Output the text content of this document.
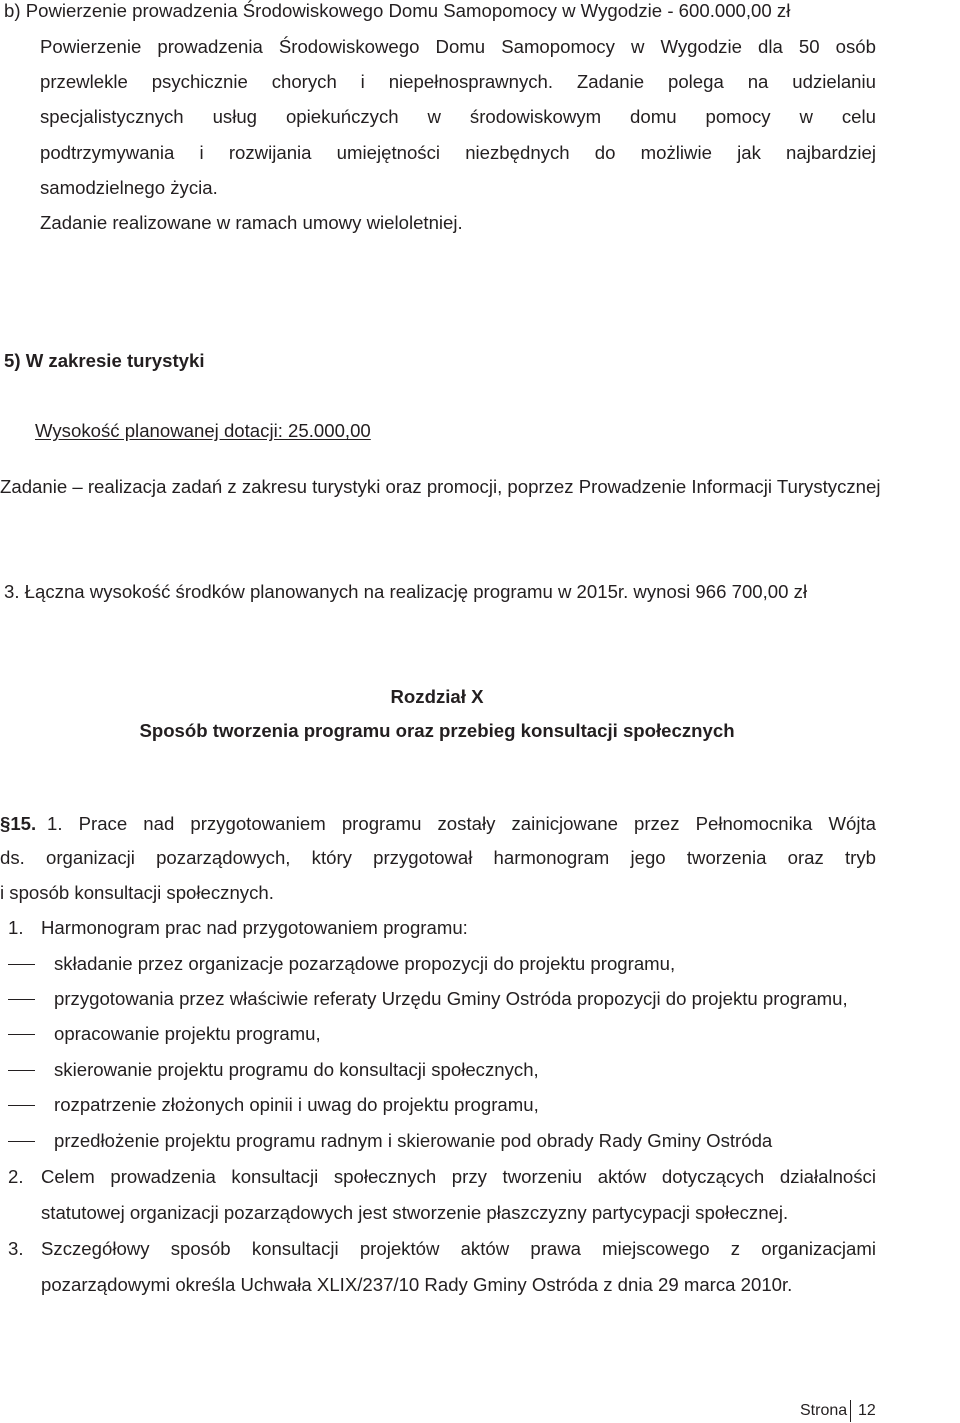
b) Powierzenie prowadzenia Środowiskowego Domu Samopomocy w Wygodzie - 600.000,00 zł
Powierzenie prowadzenia Środowiskowego Domu Samopomocy w Wygodzie dla 50 osób
przewlekle psychicznie chorych i niepełnosprawnych. Zadanie polega na udzielaniu
specjalistycznych usług opiekuńczych w środowiskowym domu pomocy w celu
podtrzymywania i rozwijania umiejętności niezbędnych do możliwie jak najbardziej
samodzielnego życia.
Zadanie realizowane w ramach umowy wieloletniej.
5) W zakresie turystyki
Wysokość planowanej dotacji: 25.000,00
Zadanie – realizacja zadań z zakresu turystyki oraz promocji, poprzez Prowadzenie Informacji Turystycznej
3. Łączna wysokość środków planowanych na realizację programu w 2015r. wynosi 966 700,00 zł
Rozdział X
Sposób tworzenia programu oraz przebieg konsultacji społecznych
§15. 1. Prace nad przygotowaniem programu zostały zainicjowane przez Pełnomocnika Wójta
ds. organizacji pozarządowych, który przygotował harmonogram jego tworzenia oraz tryb
i sposób konsultacji społecznych.
1. Harmonogram prac nad przygotowaniem programu:
składanie przez organizacje pozarządowe propozycji do projektu programu,
przygotowania przez właściwie referaty Urzędu Gminy Ostróda propozycji do projektu programu,
opracowanie projektu programu,
skierowanie projektu programu do konsultacji społecznych,
rozpatrzenie złożonych opinii i uwag do projektu programu,
przedłożenie projektu programu radnym i skierowanie pod obrady Rady Gminy Ostróda
2. Celem prowadzenia konsultacji społecznych przy tworzeniu aktów dotyczących działalności
statutowej organizacji pozarządowych jest stworzenie płaszczyzny partycypacji społecznej.
3. Szczegółowy sposób konsultacji projektów aktów prawa miejscowego z organizacjami
pozarządowymi określa Uchwała XLIX/237/10 Rady Gminy Ostróda z dnia 29 marca 2010r.
Strona 12
